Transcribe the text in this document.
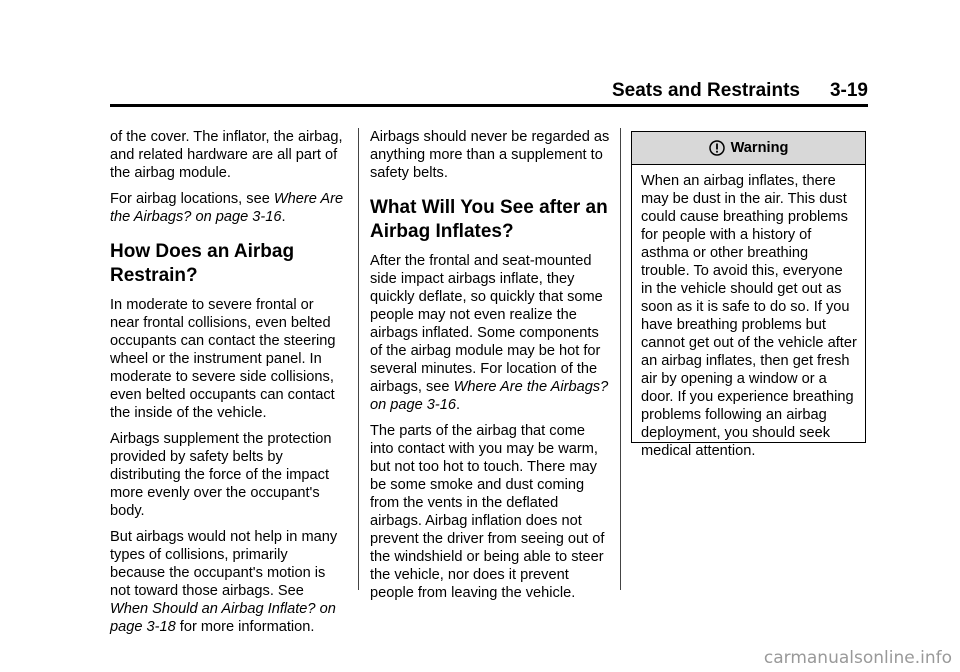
Seats and Restraints 3-19

of the cover. The inflator, the airbag, and related hardware are all part of the airbag module.

For airbag locations, see Where Are the Airbags? on page 3-16.

How Does an Airbag Restrain?

In moderate to severe frontal or near frontal collisions, even belted occupants can contact the steering wheel or the instrument panel. In moderate to severe side collisions, even belted occupants can contact the inside of the vehicle.

Airbags supplement the protection provided by safety belts by distributing the force of the impact more evenly over the occupant's body.

But airbags would not help in many types of collisions, primarily because the occupant's motion is not toward those airbags. See When Should an Airbag Inflate? on page 3-18 for more information.

Airbags should never be regarded as anything more than a supplement to safety belts.

What Will You See after an Airbag Inflates?

After the frontal and seat-mounted side impact airbags inflate, they quickly deflate, so quickly that some people may not even realize the airbags inflated. Some components of the airbag module may be hot for several minutes. For location of the airbags, see Where Are the Airbags? on page 3-16.

The parts of the airbag that come into contact with you may be warm, but not too hot to touch. There may be some smoke and dust coming from the vents in the deflated airbags. Airbag inflation does not prevent the driver from seeing out of the windshield or being able to steer the vehicle, nor does it prevent people from leaving the vehicle.

Warning
When an airbag inflates, there may be dust in the air. This dust could cause breathing problems for people with a history of asthma or other breathing trouble. To avoid this, everyone in the vehicle should get out as soon as it is safe to do so. If you have breathing problems but cannot get out of the vehicle after an airbag inflates, then get fresh air by opening a window or a door. If you experience breathing problems following an airbag deployment, you should seek medical attention.
carmanualsonline.info
